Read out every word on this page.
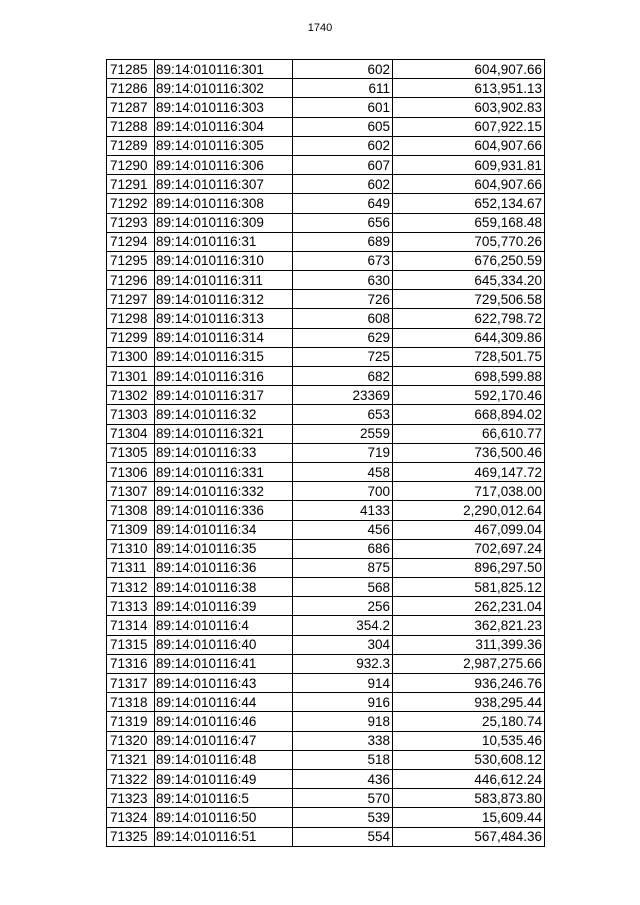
1740
71285	89:14:010116:301	602	604,907.66
71286	89:14:010116:302	611	613,951.13
71287	89:14:010116:303	601	603,902.83
71288	89:14:010116:304	605	607,922.15
71289	89:14:010116:305	602	604,907.66
71290	89:14:010116:306	607	609,931.81
71291	89:14:010116:307	602	604,907.66
71292	89:14:010116:308	649	652,134.67
71293	89:14:010116:309	656	659,168.48
71294	89:14:010116:31	689	705,770.26
71295	89:14:010116:310	673	676,250.59
71296	89:14:010116:311	630	645,334.20
71297	89:14:010116:312	726	729,506.58
71298	89:14:010116:313	608	622,798.72
71299	89:14:010116:314	629	644,309.86
71300	89:14:010116:315	725	728,501.75
71301	89:14:010116:316	682	698,599.88
71302	89:14:010116:317	23369	592,170.46
71303	89:14:010116:32	653	668,894.02
71304	89:14:010116:321	2559	66,610.77
71305	89:14:010116:33	719	736,500.46
71306	89:14:010116:331	458	469,147.72
71307	89:14:010116:332	700	717,038.00
71308	89:14:010116:336	4133	2,290,012.64
71309	89:14:010116:34	456	467,099.04
71310	89:14:010116:35	686	702,697.24
71311	89:14:010116:36	875	896,297.50
71312	89:14:010116:38	568	581,825.12
71313	89:14:010116:39	256	262,231.04
71314	89:14:010116:4	354.2	362,821.23
71315	89:14:010116:40	304	311,399.36
71316	89:14:010116:41	932.3	2,987,275.66
71317	89:14:010116:43	914	936,246.76
71318	89:14:010116:44	916	938,295.44
71319	89:14:010116:46	918	25,180.74
71320	89:14:010116:47	338	10,535.46
71321	89:14:010116:48	518	530,608.12
71322	89:14:010116:49	436	446,612.24
71323	89:14:010116:5	570	583,873.80
71324	89:14:010116:50	539	15,609.44
71325	89:14:010116:51	554	567,484.36
